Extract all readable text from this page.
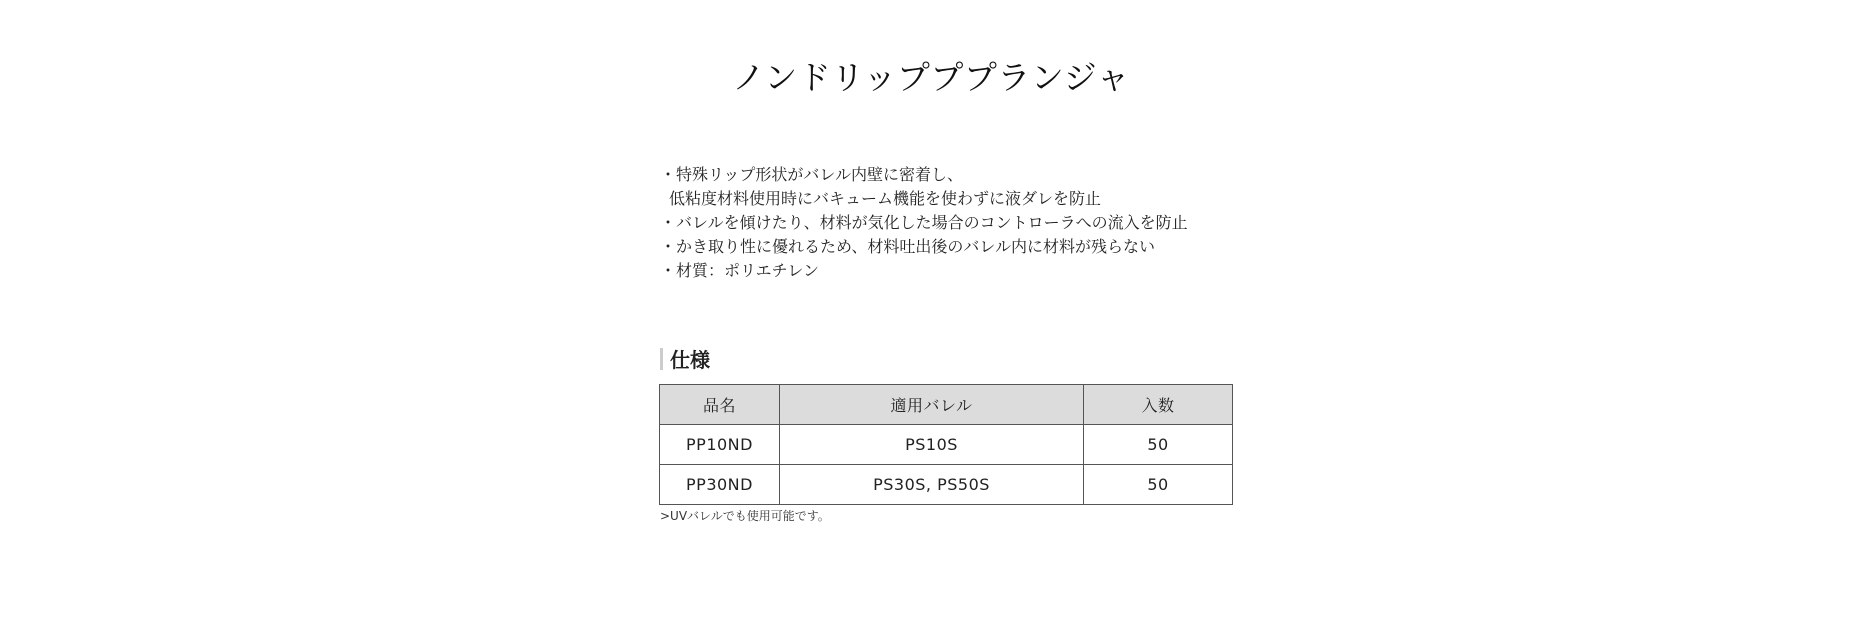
ノンドリップププランジャ
・特殊リップ形状がバレル内壁に密着し、
低粘度材料使用時にバキューム機能を使わずに液ダレを防止
・バレルを傾けたり、材料が気化した場合のコントローラへの流入を防止
・かき取り性に優れるため、材料吐出後のバレル内に材料が残らない
・材質：ポリエチレン
仕様
品名	適用バレル	入数
PP10ND	PS10S	50
PP30ND	PS30S, PS50S	50
>UVバレルでも使用可能です。
